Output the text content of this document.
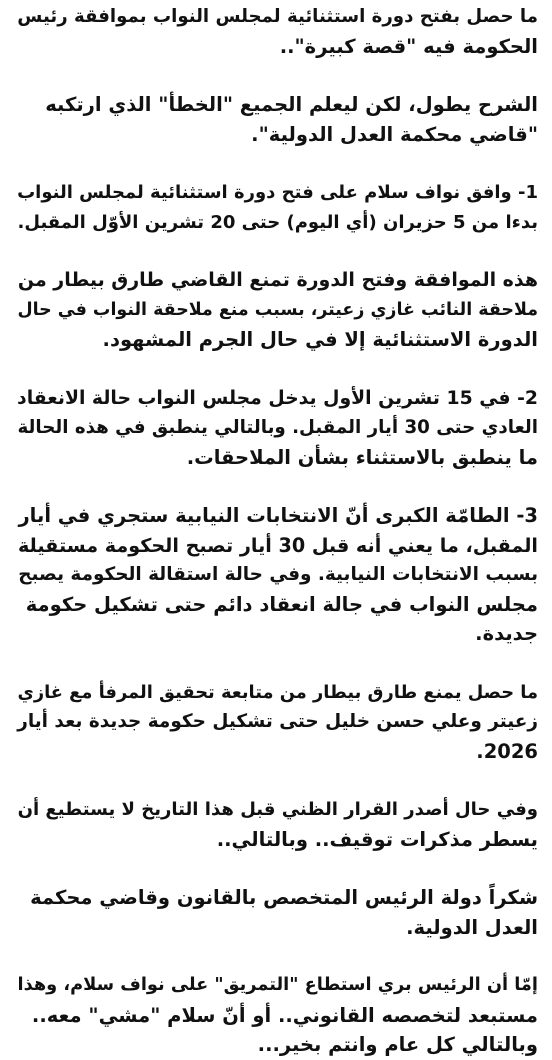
ما حصل بفتح دورة استثنائية لمجلس النواب بموافقة رئيس
الحكومة فيه "قصة كبيرة"..

الشرح يطول، لكن ليعلم الجميع "الخطأ" الذي ارتكبه
"قاضي محكمة العدل الدولية".

1- وافق نواف سلام على فتح دورة استثنائية لمجلس النواب
بدءا من 5 حزيران (أي اليوم) حتى 20 تشرين الأوّل المقبل.

هذه الموافقة وفتح الدورة تمنع القاضي طارق بيطار من
ملاحقة النائب غازي زعيتر، بسبب منع ملاحقة النواب في حال
الدورة الاستثنائية إلا في حال الجرم المشهود.

2- في 15 تشرين الأول يدخل مجلس النواب حالة الانعقاد
العادي حتى 30 أيار المقبل. وبالتالي ينطبق في هذه الحالة
ما ينطبق بالاستثناء بشأن الملاحقات.

3- الطامّة الكبرى أنّ الانتخابات النيابية ستجري في أيار
المقبل، ما يعني أنه قبل 30 أيار تصبح الحكومة مستقيلة
بسبب الانتخابات النيابية. وفي حالة استقالة الحكومة يصبح
مجلس النواب في جالة انعقاد دائم حتى تشكيل حكومة
جديدة.

ما حصل يمنع طارق بيطار من متابعة تحقيق المرفأ مع غازي
زعيتر وعلي حسن خليل حتى تشكيل حكومة جديدة بعد أيار
2026.

وفي حال أصدر القرار الظني قبل هذا التاريخ لا يستطيع أن
يسطر مذكرات توقيف.. وبالتالي..

شكراً دولة الرئيس المتخصص بالقانون وقاضي محكمة
العدل الدولية.

إمّا أن الرئيس بري استطاع "التمريق" على نواف سلام، وهذا
مستبعد لتخصصه القانوني.. أو أنّ سلام "مشي" معه..
وبالتالي كل عام وانتم بخير...
